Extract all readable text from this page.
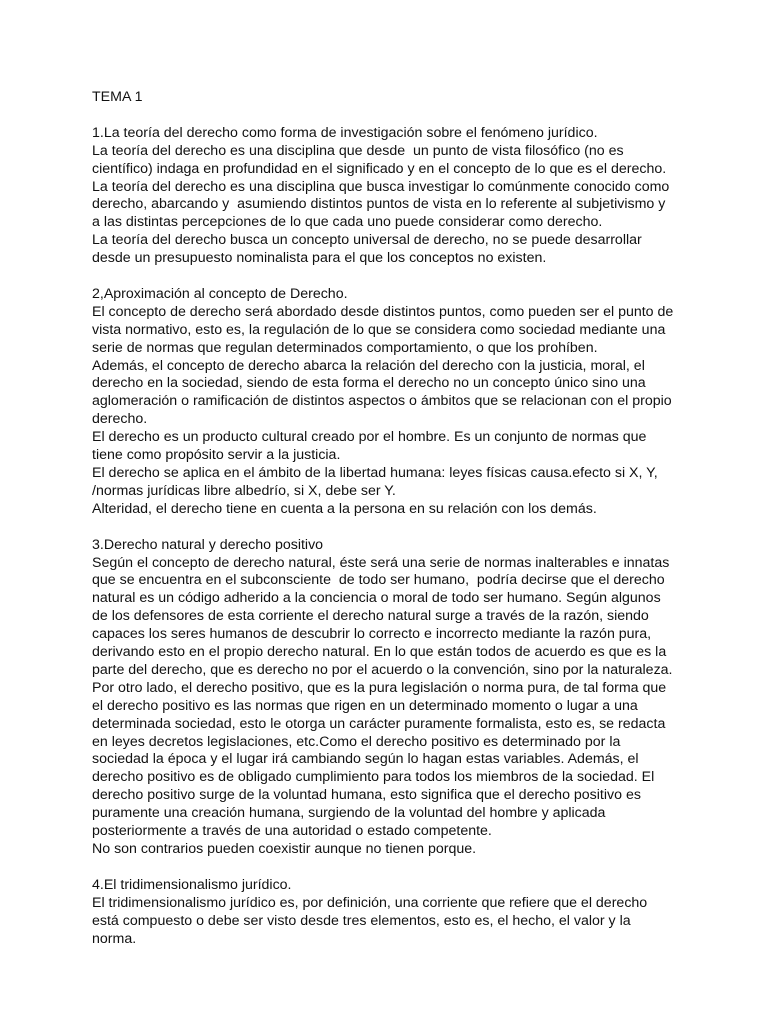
TEMA 1
1.La teoría del derecho como forma de investigación sobre el fenómeno jurídico.
La teoría del derecho es una disciplina que desde  un punto de vista filosófico (no es
científico) indaga en profundidad en el significado y en el concepto de lo que es el derecho.
La teoría del derecho es una disciplina que busca investigar lo comúnmente conocido como
derecho, abarcando y  asumiendo distintos puntos de vista en lo referente al subjetivismo y
a las distintas percepciones de lo que cada uno puede considerar como derecho.
La teoría del derecho busca un concepto universal de derecho, no se puede desarrollar
desde un presupuesto nominalista para el que los conceptos no existen.
2,Aproximación al concepto de Derecho.
El concepto de derecho será abordado desde distintos puntos, como pueden ser el punto de
vista normativo, esto es, la regulación de lo que se considera como sociedad mediante una
serie de normas que regulan determinados comportamiento, o que los prohíben.
Además, el concepto de derecho abarca la relación del derecho con la justicia, moral, el
derecho en la sociedad, siendo de esta forma el derecho no un concepto único sino una
aglomeración o ramificación de distintos aspectos o ámbitos que se relacionan con el propio
derecho.
El derecho es un producto cultural creado por el hombre. Es un conjunto de normas que
tiene como propósito servir a la justicia.
El derecho se aplica en el ámbito de la libertad humana: leyes físicas causa.efecto si X, Y,
/normas jurídicas libre albedrío, si X, debe ser Y.
Alteridad, el derecho tiene en cuenta a la persona en su relación con los demás.
3.Derecho natural y derecho positivo
Según el concepto de derecho natural, éste será una serie de normas inalterables e innatas
que se encuentra en el subconsciente  de todo ser humano,  podría decirse que el derecho
natural es un código adherido a la conciencia o moral de todo ser humano. Según algunos
de los defensores de esta corriente el derecho natural surge a través de la razón, siendo
capaces los seres humanos de descubrir lo correcto e incorrecto mediante la razón pura,
derivando esto en el propio derecho natural. En lo que están todos de acuerdo es que es la
parte del derecho, que es derecho no por el acuerdo o la convención, sino por la naturaleza.
Por otro lado, el derecho positivo, que es la pura legislación o norma pura, de tal forma que
el derecho positivo es las normas que rigen en un determinado momento o lugar a una
determinada sociedad, esto le otorga un carácter puramente formalista, esto es, se redacta
en leyes decretos legislaciones, etc.Como el derecho positivo es determinado por la
sociedad la época y el lugar irá cambiando según lo hagan estas variables. Además, el
derecho positivo es de obligado cumplimiento para todos los miembros de la sociedad. El
derecho positivo surge de la voluntad humana, esto significa que el derecho positivo es
puramente una creación humana, surgiendo de la voluntad del hombre y aplicada
posteriormente a través de una autoridad o estado competente.
No son contrarios pueden coexistir aunque no tienen porque.
4.El tridimensionalismo jurídico.
El tridimensionalismo jurídico es, por definición, una corriente que refiere que el derecho
está compuesto o debe ser visto desde tres elementos, esto es, el hecho, el valor y la
norma.
